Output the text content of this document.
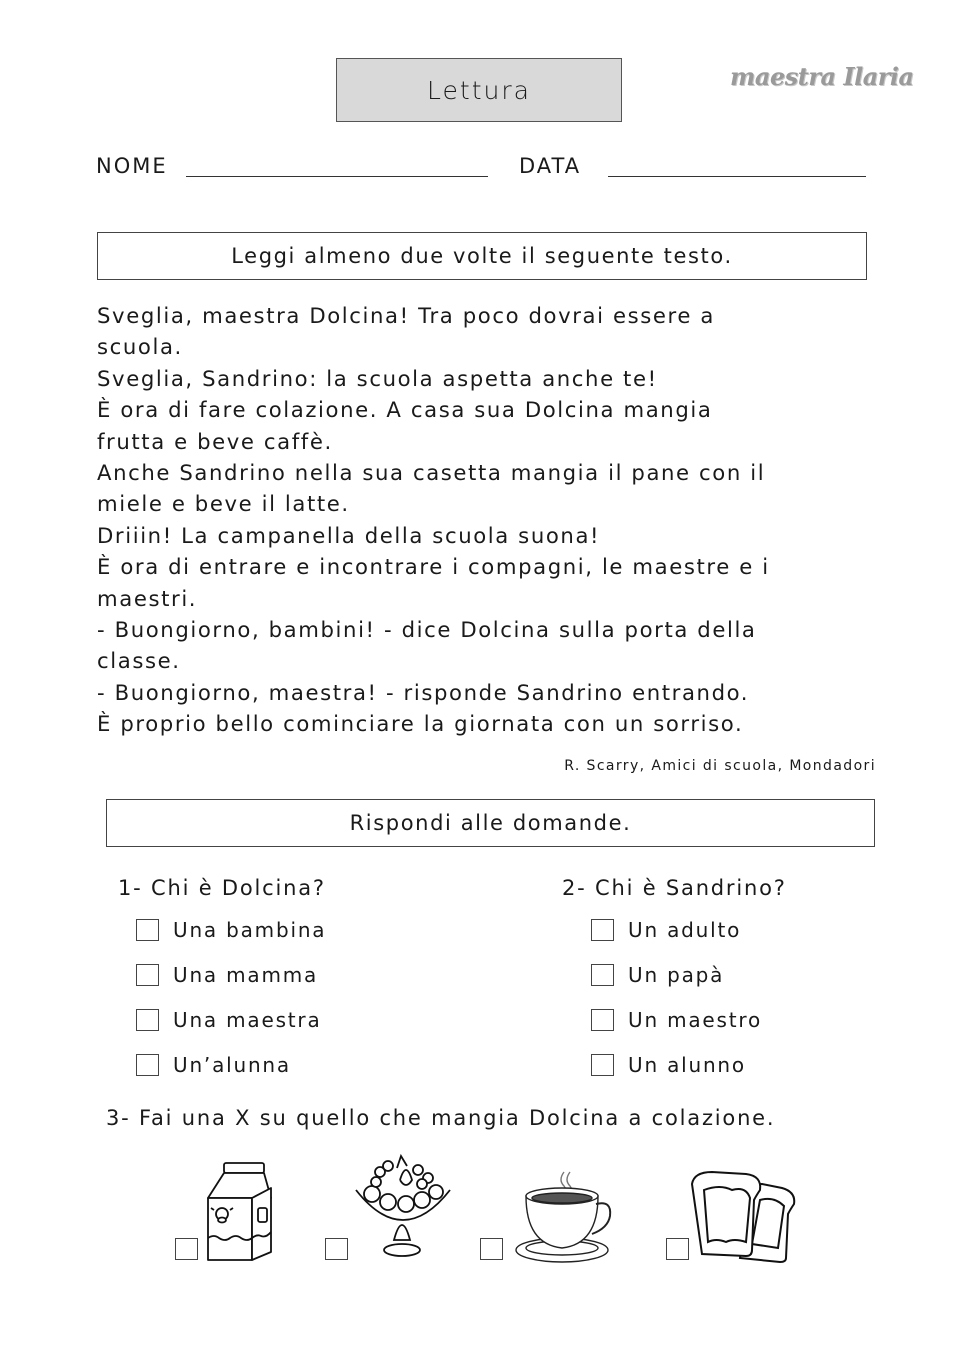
Lettura	maestra Ilaria
NOME	DATA
Leggi almeno due volte il seguente testo.

Sveglia, maestra Dolcina! Tra poco dovrai essere a

scuola.

Sveglia, Sandrino: la scuola aspetta anche te!

È ora di fare colazione. A casa sua Dolcina mangia

frutta e beve caffè.

Anche Sandrino nella sua casetta mangia il pane con il

miele e beve il latte.

Driiin! La campanella della scuola suona!

È ora di entrare e incontrare i compagni, le maestre e i

maestri.

- Buongiorno, bambini! - dice Dolcina sulla porta della

classe.

- Buongiorno, maestra! - risponde Sandrino entrando.

È proprio bello cominciare la giornata con un sorriso.

R. Scarry, Amici di scuola, Mondadori
Rispondi alle domande.
1- Chi è Dolcina?
Una bambina
Una mamma
Una maestra
Un’alunna
2- Chi è Sandrino?
Un adulto
Un papà
Un maestro
Un alunno
3- Fai una X su quello che mangia Dolcina a colazione.
